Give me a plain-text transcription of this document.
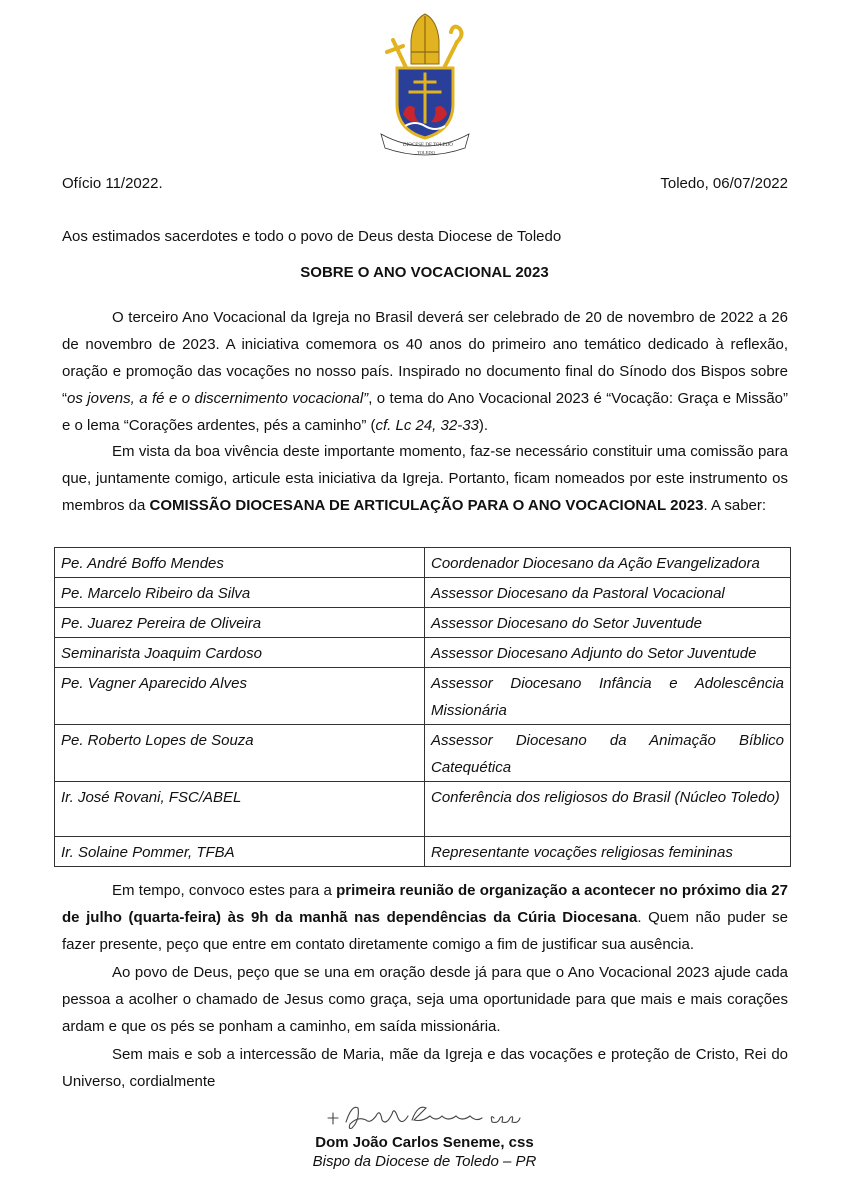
DIOCESE DE TOLEDO
TOLEDO
Ofício 11/2022.	Toledo, 06/07/2022
Aos estimados sacerdotes e todo o povo de Deus desta Diocese de Toledo
SOBRE O ANO VOCACIONAL 2023
O terceiro Ano Vocacional da Igreja no Brasil deverá ser celebrado de 20 de novembro de 2022 a 26 de novembro de 2023. A iniciativa comemora os 40 anos do primeiro ano temático dedicado à reflexão, oração e promoção das vocações no nosso país. Inspirado no documento final do Sínodo dos Bispos sobre “os jovens, a fé e o discernimento vocacional”, o tema do Ano Vocacional 2023 é “Vocação: Graça e Missão” e o lema “Corações ardentes, pés a caminho” (cf. Lc 24, 32-33).
Em vista da boa vivência deste importante momento, faz-se necessário constituir uma comissão para que, juntamente comigo, articule esta iniciativa da Igreja. Portanto, ficam nomeados por este instrumento os membros da COMISSÃO DIOCESANA DE ARTICULAÇÃO PARA O ANO VOCACIONAL 2023. A saber:
Pe. André Boffo Mendes	Coordenador Diocesano da Ação Evangelizadora
Pe. Marcelo Ribeiro da Silva	Assessor Diocesano da Pastoral Vocacional
Pe. Juarez Pereira de Oliveira	Assessor Diocesano do Setor Juventude
Seminarista Joaquim Cardoso	Assessor Diocesano Adjunto do Setor Juventude
Pe. Vagner Aparecido Alves	Assessor Diocesano Infância e Adolescência Missionária
Pe. Roberto Lopes de Souza	Assessor Diocesano da Animação Bíblico Catequética
Ir. José Rovani, FSC/ABEL	Conferência dos religiosos do Brasil (Núcleo Toledo)
Ir. Solaine Pommer, TFBA	Representante vocações religiosas femininas
Em tempo, convoco estes para a primeira reunião de organização a acontecer no próximo dia 27 de julho (quarta-feira) às 9h da manhã nas dependências da Cúria Diocesana. Quem não puder se fazer presente, peço que entre em contato diretamente comigo a fim de justificar sua ausência.
Ao povo de Deus, peço que se una em oração desde já para que o Ano Vocacional 2023 ajude cada pessoa a acolher o chamado de Jesus como graça, seja uma oportunidade para que mais e mais corações ardam e que os pés se ponham a caminho, em saída missionária.
Sem mais e sob a intercessão de Maria, mãe da Igreja e das vocações e proteção de Cristo, Rei do Universo, cordialmente
Dom João Carlos Seneme, css
Bispo da Diocese de Toledo – PR
